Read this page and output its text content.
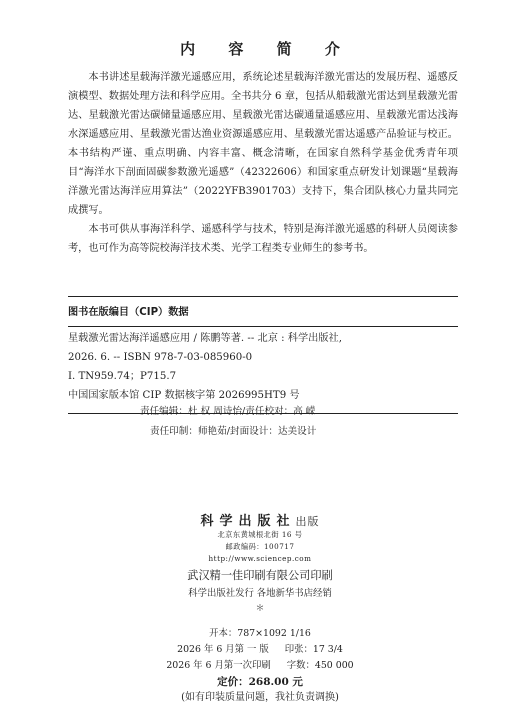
内 容 简 介

本书讲述星载海洋激光遥感应用，系统论述星载海洋激光雷达的发展历程、遥感反演模型、数据处理方法和科学应用。全书共分 6 章，包括从船载激光雷达到星载激光雷达、星载激光雷达碳储量遥感应用、星载激光雷达碳通量遥感应用、星载激光雷达浅海水深遥感应用、星载激光雷达渔业资源遥感应用、星载激光雷达遥感产品验证与校正。本书结构严谨、重点明确、内容丰富、概念清晰，在国家自然科学基金优秀青年项目“海洋水下剖面固碳参数激光遥感”（42322606）和国家重点研发计划课题“星载海洋激光雷达海洋应用算法”（2022YFB3901703）支持下，集合团队核心力量共同完成撰写。

本书可供从事海洋科学、遥感科学与技术，特别是海洋激光遥感的科研人员阅读参考，也可作为高等院校海洋技术类、光学工程类专业师生的参考书。

图书在版编目（CIP）数据
星载激光雷达海洋遥感应用 / 陈鹏等著. -- 北京 : 科学出版社,
2026. 6. -- ISBN 978-7-03-085960-0
Ⅰ. TN959.74；P715.7
中国国家版本馆 CIP 数据核字第 2026995HT9 号
责任编辑：杜 权 周诗怡/责任校对：高 嵘
责任印制：师艳茹/封面设计：达美设计
科学出版社出版
北京东黄城根北街 16 号
邮政编码：100717
http://www.sciencep.com
武汉精一佳印刷有限公司印刷
科学出版社发行 各地新华书店经销
＊
开本：787×1092 1/16
2026 年 6 月第 一 版 印张：17 3/4
2026 年 6 月第一次印刷 字数：450 000
定价：268.00 元
(如有印装质量问题，我社负责调换)
